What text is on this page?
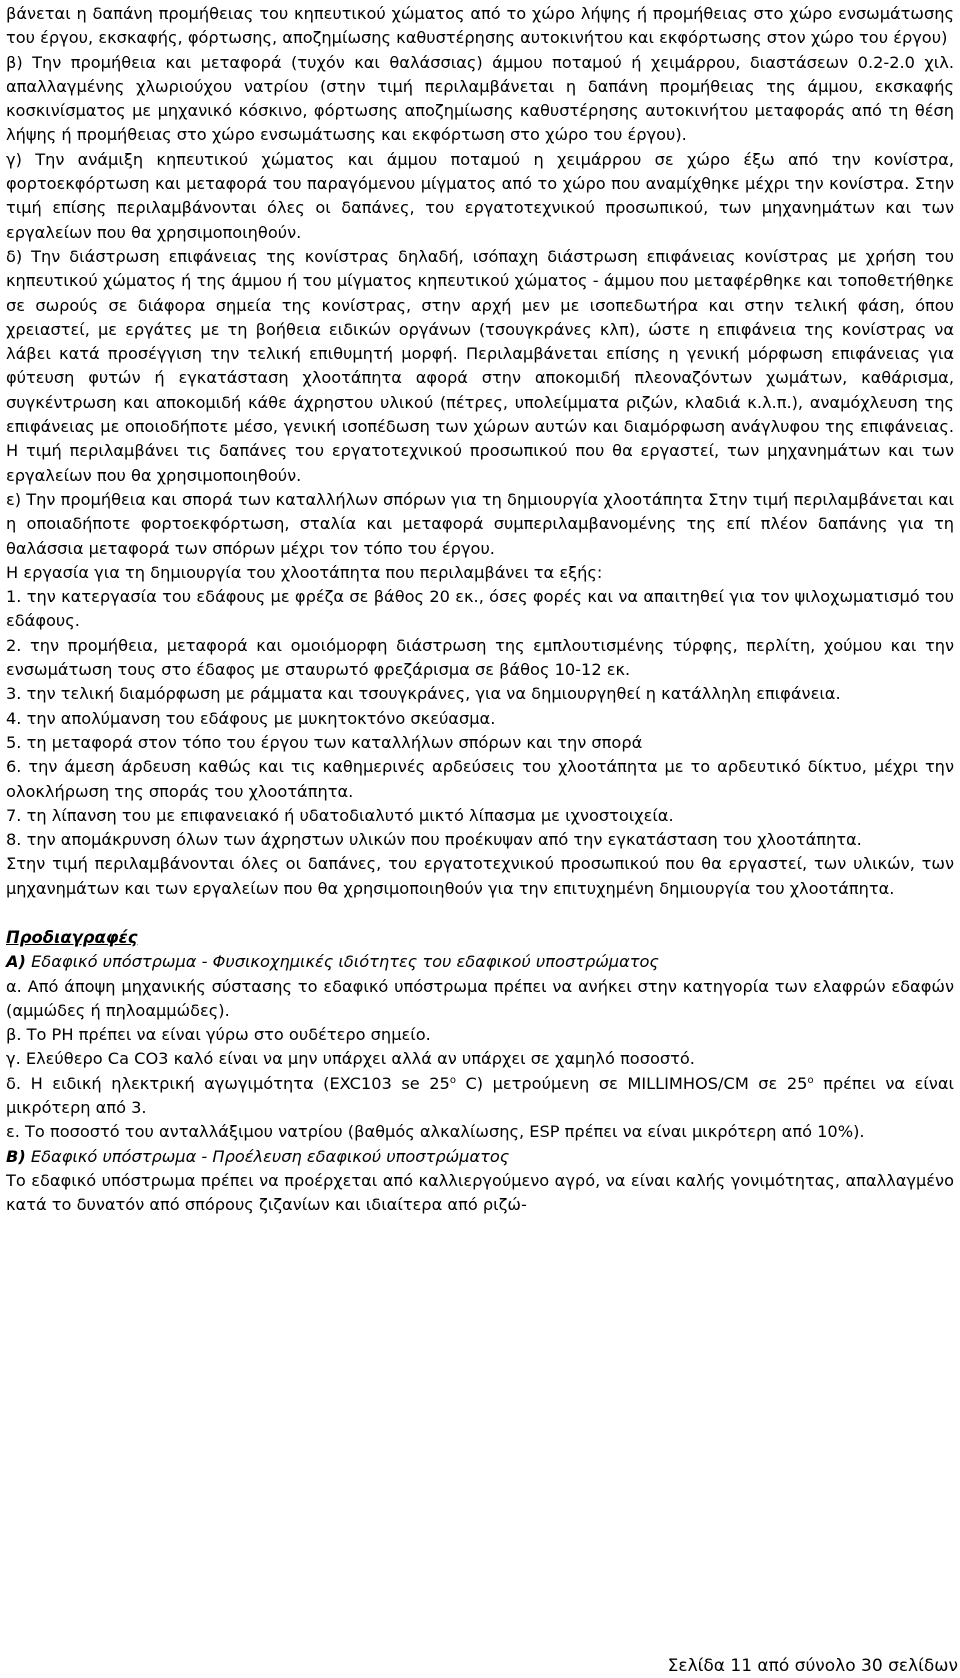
βάνεται η δαπάνη προμήθειας του κηπευτικού χώματος από το χώρο λήψης ή προμήθειας στο χώρο ενσωμάτωσης του έργου, εκσκαφής, φόρτωσης, αποζημίωσης καθυστέρησης αυτοκινήτου και εκφόρτωσης στον χώρο του έργου)

β) Την προμήθεια και μεταφορά (τυχόν και θαλάσσιας) άμμου ποταμού ή χειμάρρου, διαστάσεων 0.2-2.0 χιλ. απαλλαγμένης χλωριούχου νατρίου (στην τιμή περιλαμβάνεται η δαπάνη προμήθειας της άμμου, εκσκαφής κοσκινίσματος με μηχανικό κόσκινο, φόρτωσης αποζημίωσης καθυστέρησης αυτοκινήτου μεταφοράς από τη θέση λήψης ή προμήθειας στο χώρο ενσωμάτωσης και εκφόρτωση στο χώρο του έργου).

γ) Την ανάμιξη κηπευτικού χώματος και άμμου ποταμού η χειμάρρου σε χώρο έξω από την κονίστρα, φορτοεκφόρτωση και μεταφορά του παραγόμενου μίγματος από το χώρο που αναμίχθηκε μέχρι την κονίστρα. Στην τιμή επίσης περιλαμβάνονται όλες οι δαπάνες, του εργατοτεχνικού προσωπικού, των μηχανημάτων και των εργαλείων που θα χρησιμοποιηθούν.

δ) Την διάστρωση επιφάνειας της κονίστρας δηλαδή, ισόπαχη διάστρωση επιφάνειας κονίστρας με χρήση του κηπευτικού χώματος ή της άμμου ή του μίγματος κηπευτικού χώματος - άμμου που μεταφέρθηκε και τοποθετήθηκε σε σωρούς σε διάφορα σημεία της κονίστρας, στην αρχή μεν με ισοπεδωτήρα και στην τελική φάση, όπου χρειαστεί, με εργάτες με τη βοήθεια ειδικών οργάνων (τσουγκράνες κλπ), ώστε η επιφάνεια της κονίστρας να λάβει κατά προσέγγιση την τελική επιθυμητή μορφή. Περιλαμβάνεται επίσης η γενική μόρφωση επιφάνειας για φύτευση φυτών ή εγκατάσταση χλοοτάπητα αφορά στην αποκομιδή πλεοναζόντων χωμάτων, καθάρισμα, συγκέντρωση και αποκομιδή κάθε άχρηστου υλικού (πέτρες, υπολείμματα ριζών, κλαδιά κ.λ.π.), αναμόχλευση της επιφάνειας με οποιοδήποτε μέσο, γενική ισοπέδωση των χώρων αυτών και διαμόρφωση ανάγλυφου της επιφάνειας. Η τιμή περιλαμβάνει τις δαπάνες του εργατοτεχνικού προσωπικού που θα εργαστεί, των μηχανημάτων και των εργαλείων που θα χρησιμοποιηθούν.

ε) Την προμήθεια και σπορά των καταλλήλων σπόρων για τη δημιουργία χλοοτάπητα Στην τιμή περιλαμβάνεται και η οποιαδήποτε φορτοεκφόρτωση, σταλία και μεταφορά συμπεριλαμβανομένης της επί πλέον δαπάνης για τη θαλάσσια μεταφορά των σπόρων μέχρι τον τόπο του έργου.

Η εργασία για τη δημιουργία του χλοοτάπητα που περιλαμβάνει τα εξής:

1. την κατεργασία του εδάφους με φρέζα σε βάθος 20 εκ., όσες φορές και να απαιτηθεί για τον ψιλοχωματισμό του εδάφους.

2. την προμήθεια, μεταφορά και ομοιόμορφη διάστρωση της εμπλουτισμένης τύρφης, περλίτη, χούμου και την ενσωμάτωση τους στο έδαφος με σταυρωτό φρεζάρισμα σε βάθος 10-12 εκ.

3. την τελική διαμόρφωση με ράμματα και τσουγκράνες, για να δημιουργηθεί η κατάλληλη επιφάνεια.

4. την απολύμανση του εδάφους με μυκητοκτόνο σκεύασμα.

5. τη μεταφορά στον τόπο του έργου των καταλλήλων σπόρων και την σπορά

6. την άμεση άρδευση καθώς και τις καθημερινές αρδεύσεις του χλοοτάπητα με το αρδευτικό δίκτυο, μέχρι την ολοκλήρωση της σποράς του χλοοτάπητα.

7. τη λίπανση του με επιφανειακό ή υδατοδιαλυτό μικτό λίπασμα με ιχνοστοιχεία.

8. την απομάκρυνση όλων των άχρηστων υλικών που προέκυψαν από την εγκατάσταση του χλοοτάπητα.

Στην τιμή περιλαμβάνονται όλες οι δαπάνες, του εργατοτεχνικού προσωπικού που θα εργαστεί, των υλικών, των μηχανημάτων και των εργαλείων που θα χρησιμοποιηθούν για την επιτυχημένη δημιουργία του χλοοτάπητα.

Προδιαγραφές

A) Εδαφικό υπόστρωμα - Φυσικοχημικές ιδιότητες του εδαφικού υποστρώματος

α. Από άποψη μηχανικής σύστασης το εδαφικό υπόστρωμα πρέπει να ανήκει στην κατηγορία των ελαφρών εδαφών (αμμώδες ή πηλοαμμώδες).

β. Το PH πρέπει να είναι γύρω στο ουδέτερο σημείο.

γ. Ελεύθερο Ca CO3 καλό είναι να μην υπάρχει αλλά αν υπάρχει σε χαμηλό ποσοστό.

δ. Η ειδική ηλεκτρική αγωγιμότητα (EXC103 se $25^o$ C) μετρούμενη σε MILLIMHOS/CM σε $25^o$ πρέπει να είναι μικρότερη από 3.

ε. Το ποσοστό του ανταλλάξιμου νατρίου (βαθμός αλκαλίωσης, ESP πρέπει να είναι μικρότερη από 10%).

B) Εδαφικό υπόστρωμα - Προέλευση εδαφικού υποστρώματος

Το εδαφικό υπόστρωμα πρέπει να προέρχεται από καλλιεργούμενο αγρό, να είναι καλής γονιμότητας, απαλλαγμένο κατά το δυνατόν από σπόρους ζιζανίων και ιδιαίτερα από ριζώ-

Σελίδα 11 από σύνολο 30 σελίδων
